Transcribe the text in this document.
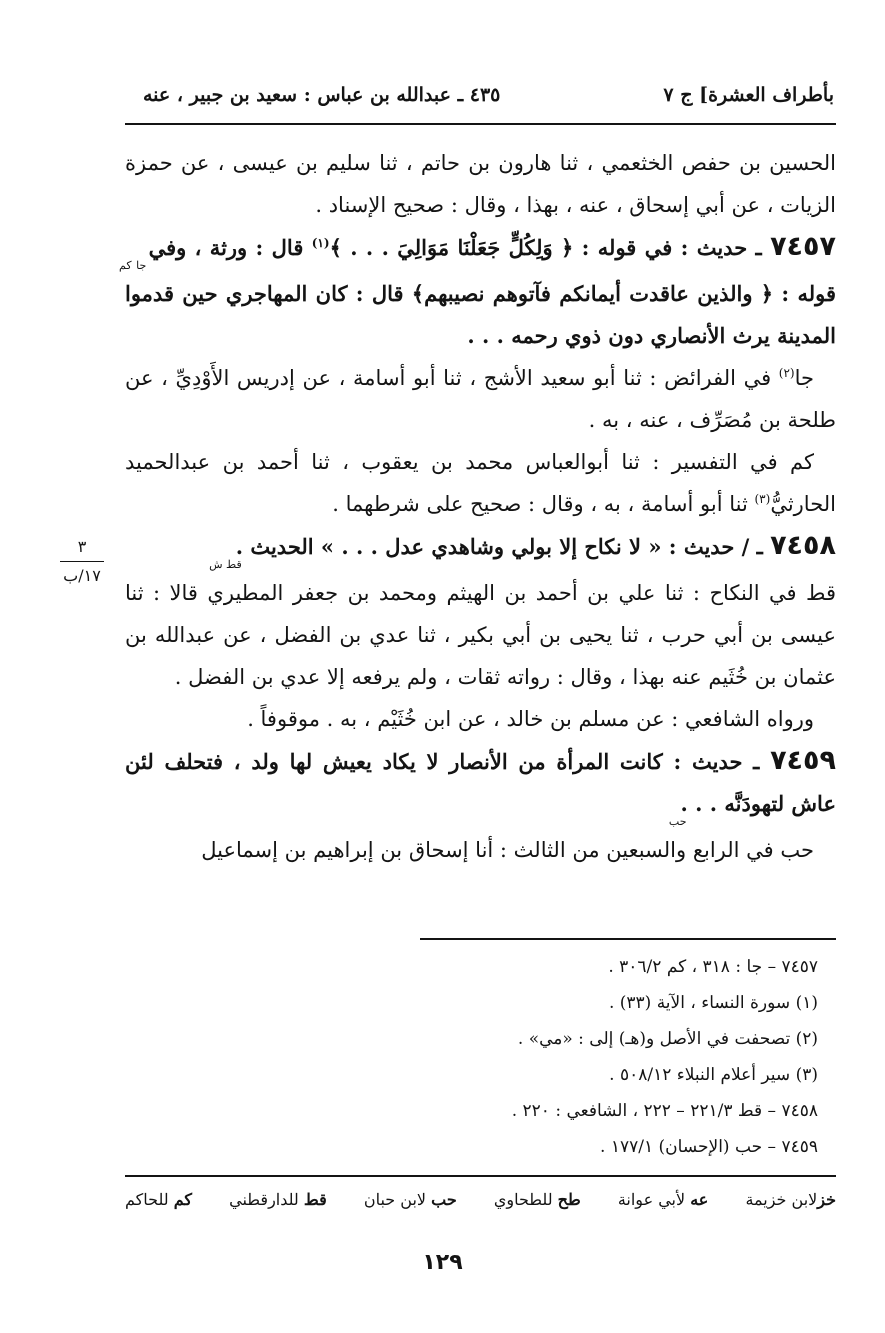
بأطراف العشرة] ج ٧
٤٣٥ ـ عبدالله بن عباس : سعيد بن جبير ، عنه

الحسين بن حفص الخثعمي ، ثنا هارون بن حاتم ، ثنا سليم بن عيسى ، عن حمزة الزيات ، عن أبي إسحاق ، عنه ، بهذا ، وقال : صحيح الإسناد .

٧٤٥٧ ـ حديث : في قوله : ﴿ وَلِكُلٍّ جَعَلْنَا مَوَالِيَ . . . ﴾$^{(١)}$ قال : ورثة ، وفي $_{جا كم}$ قوله : ﴿ والذين عاقدت أيمانكم فآتوهم نصيبهم﴾ قال : كان المهاجري حين قدموا المدينة يرث الأنصاري دون ذوي رحمه . . .

جا$^{(٢)}$ في الفرائض : ثنا أبو سعيد الأشج ، ثنا أبو أسامة ، عن إدريس الأَوْدِيِّ ، عن طلحة بن مُصَرِّف ، عنه ، به .

كم في التفسير : ثنا أبوالعباس محمد بن يعقوب ، ثنا أحمد بن عبدالحميد الحارثيُّ$^{(٣)}$ ثنا أبو أسامة ، به ، وقال : صحيح على شرطهما .

٧٤٥٨ ـ / حديث : « لا نكاح إلا بولي وشاهدي عدل . . . » الحديث $._{قط ش}$

قط في النكاح : ثنا علي بن أحمد بن الهيثم ومحمد بن جعفر المطيري قالا : ثنا عيسى بن أبي حرب ، ثنا يحيى بن أبي بكير ، ثنا عدي بن الفضل ، عن عبدالله بن عثمان بن خُثَيم عنه بهذا ، وقال : رواته ثقات ، ولم يرفعه إلا عدي بن الفضل .

ورواه الشافعي : عن مسلم بن خالد ، عن ابن خُثَيْم ، به . موقوفاً .

٧٤٥٩ ـ حديث : كانت المرأة من الأنصار لا يكاد يعيش لها ولد ، فتحلف لئن عاش لتهودَنَّه . . $._{حب}$

حب في الرابع والسبعين من الثالث : أنا إسحاق بن إبراهيم بن إسماعيل

٣
١٧/ب
٧٤٥٧ – جا : ٣١٨ ، كم ٣٠٦/٢ .
(١) سورة النساء ، الآية (٣٣) .
(٢) تصحفت في الأصل و(هـ) إلى : «مي» .
(٣) سير أعلام النبلاء ٥٠٨/١٢ .
٧٤٥٨ – قط ٢٢١/٣ – ٢٢٢ ، الشافعي : ٢٢٠ .
٧٤٥٩ – حب (الإحسان) ١٧٧/١ .
خزلابن خزيمة
عه لأبي عوانة
طح للطحاوي
حب لابن حبان
قط للدارقطني
كم للحاكم
١٢٩
